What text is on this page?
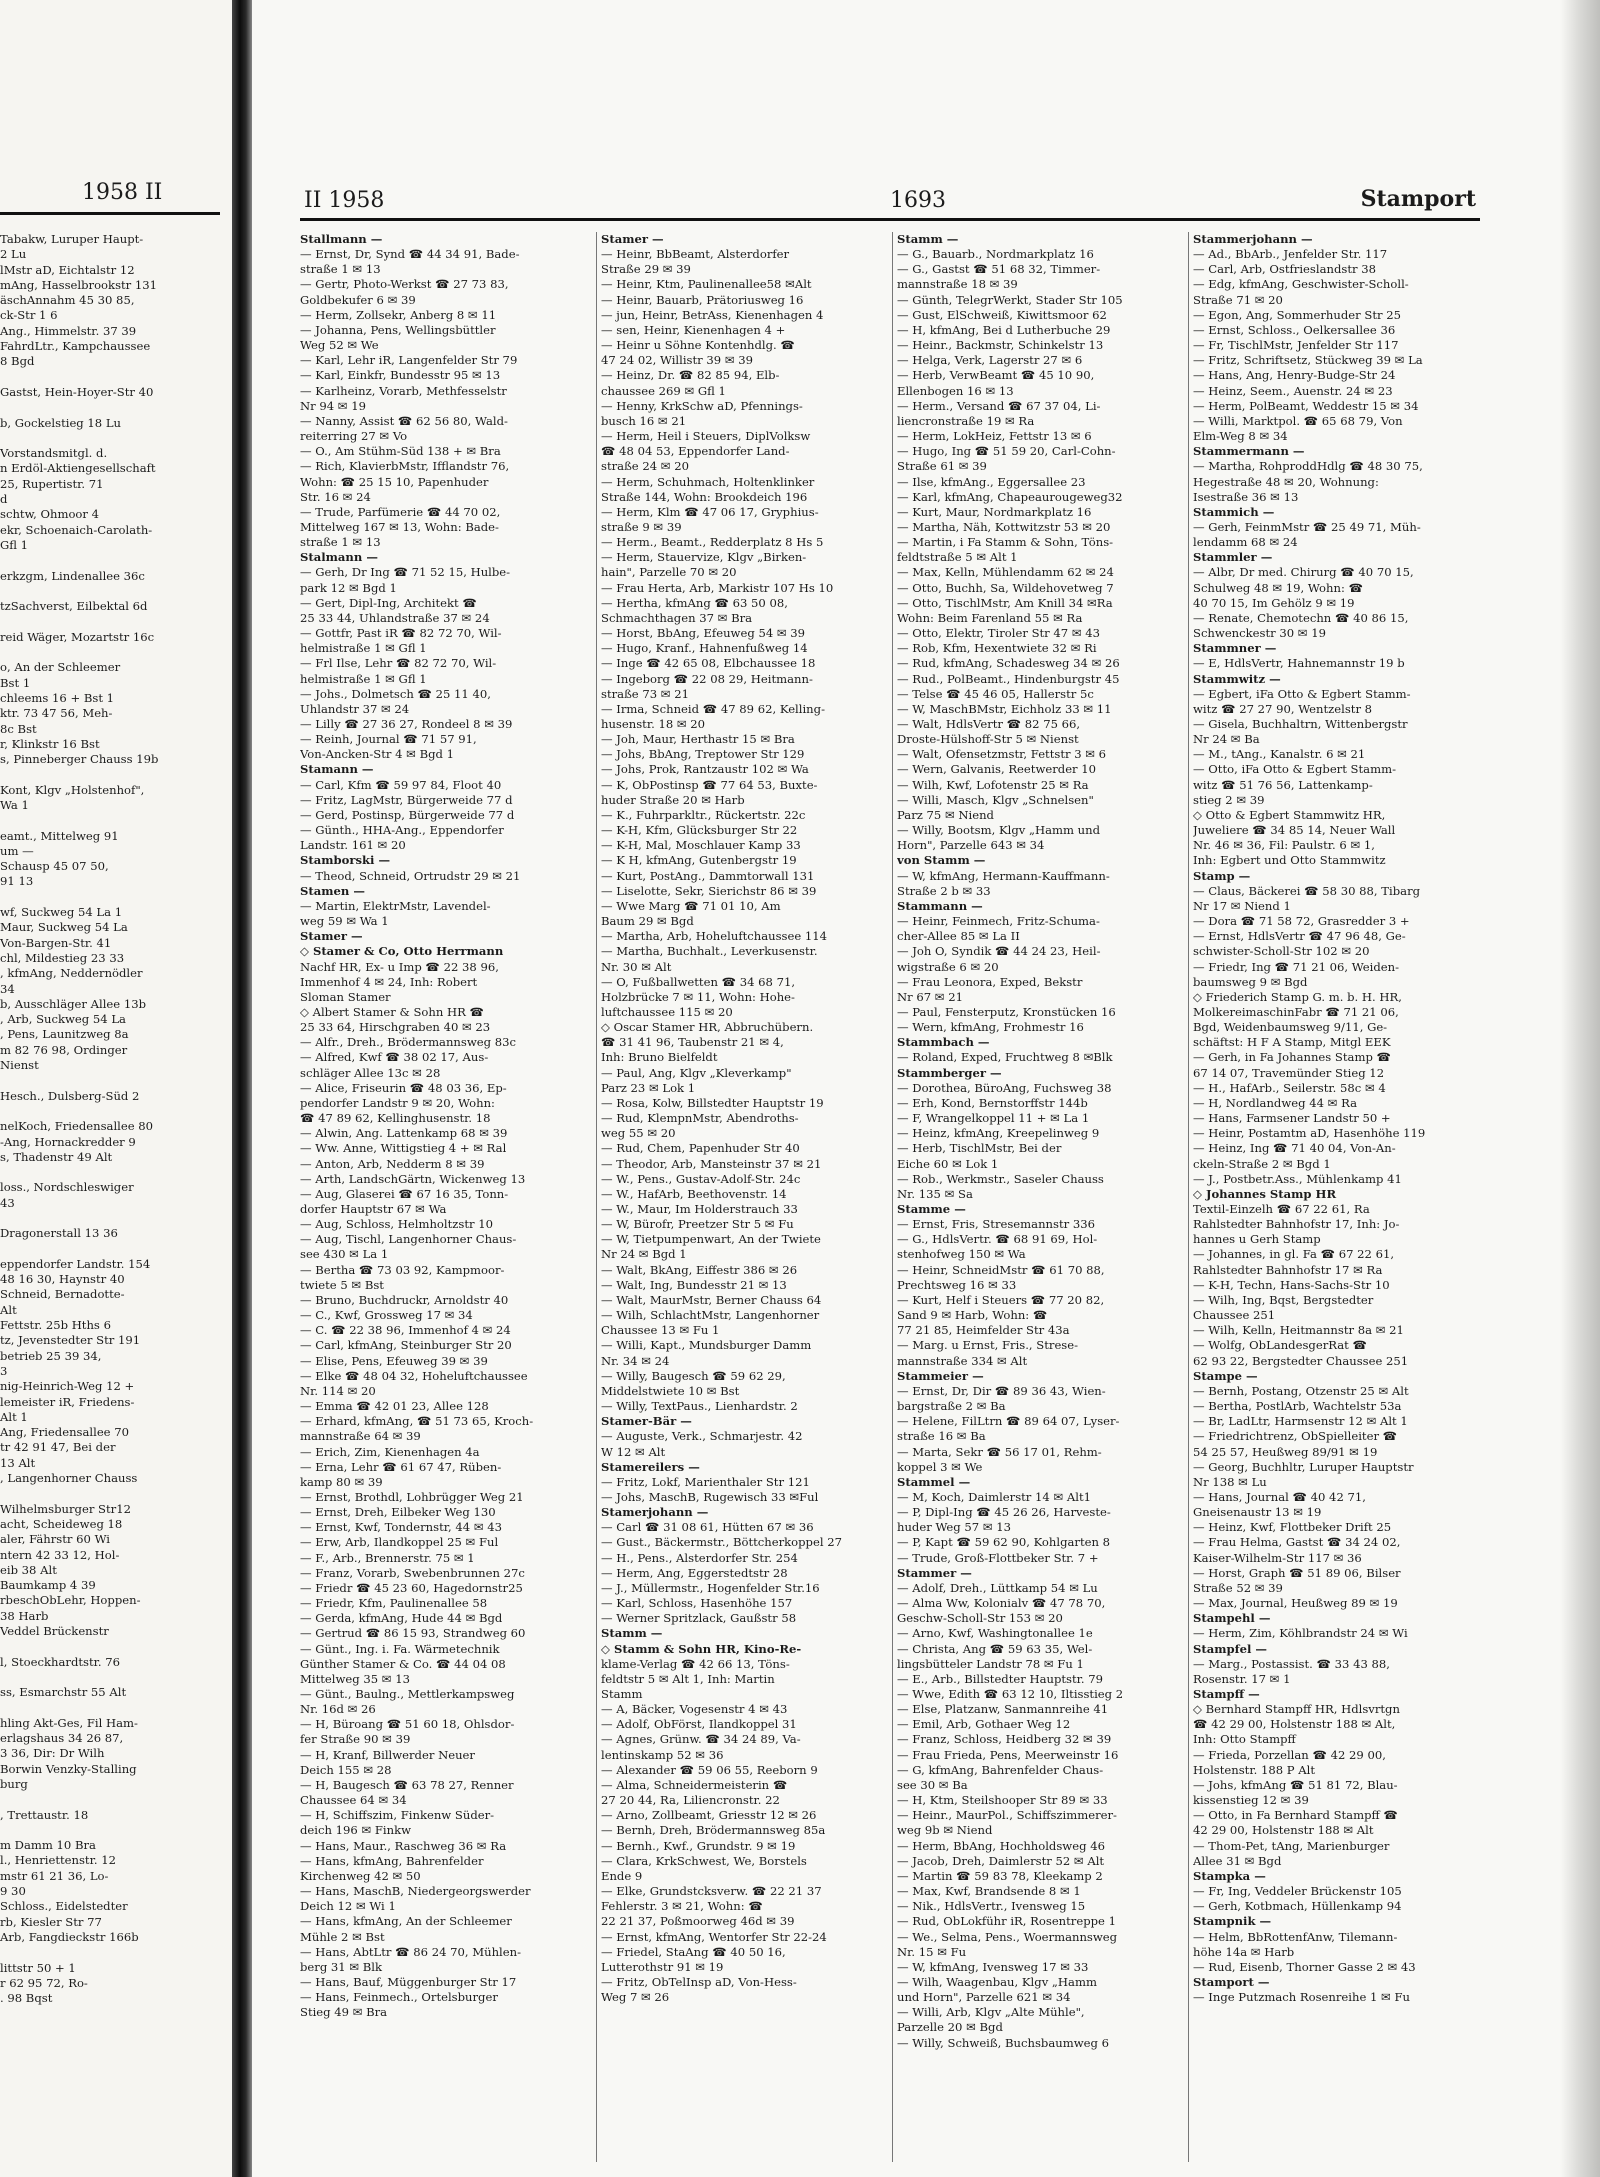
1958 II
Tabakw, Luruper Haupt-
2 Lu
lMstr aD, Eichtalstr 12
mAng, Hasselbrookstr 131
äschAnnahm 45 30 85,
ck-Str 1 6
Ang., Himmelstr. 37 39
FahrdLtr., Kampchaussee
8 Bgd
Gastst, Hein-Hoyer-Str 40
b, Gockelstieg 18 Lu
Vorstandsmitgl. d.
n Erdöl-Aktiengesellschaft
25, Rupertistr. 71
d
schtw, Ohmoor 4
ekr, Schoenaich-Carolath-
Gfl 1
erkzgm, Lindenallee 36c
tzSachverst, Eilbektal 6d
reid Wäger, Mozartstr 16c
o, An der Schleemer
Bst 1
chleems 16 + Bst 1
ktr. 73 47 56, Meh-
8c Bst
r, Klinkstr 16 Bst
s, Pinneberger Chauss 19b
Kont, Klgv „Holstenhof",
Wa 1
eamt., Mittelweg 91
um —
Schausp 45 07 50,
91 13
wf, Suckweg 54 La 1
Maur, Suckweg 54 La
Von-Bargen-Str. 41
chl, Mildestieg 23 33
, kfmAng, Neddernödler
34
b, Ausschläger Allee 13b
, Arb, Suckweg 54 La
, Pens, Launitzweg 8a
m 82 76 98, Ordinger
Nienst
Hesch., Dulsberg-Süd 2
nelKoch, Friedensallee 80
-Ang, Hornackredder 9
s, Thadenstr 49 Alt
loss., Nordschleswiger
43
Dragonerstall 13 36
eppendorfer Landstr. 154
48 16 30, Haynstr 40
Schneid, Bernadotte-
Alt
Fettstr. 25b Hths 6
tz, Jevenstedter Str 191
betrieb 25 39 34,
3
nig-Heinrich-Weg 12 +
lemeister iR, Friedens-
Alt 1
Ang, Friedensallee 70
tr 42 91 47, Bei der
13 Alt
, Langenhorner Chauss
Wilhelmsburger Str12
acht, Scheideweg 18
aler, Fährstr 60 Wi
ntern 42 33 12, Hol-
eib 38 Alt
Baumkamp 4 39
rbeschObLehr, Hoppen-
38 Harb
Veddel Brückenstr
l, Stoeckhardtstr. 76
ss, Esmarchstr 55 Alt
hling Akt-Ges, Fil Ham-
erlagshaus 34 26 87,
3 36, Dir: Dr Wilh
Borwin Venzky-Stalling
burg
, Trettaustr. 18
m Damm 10 Bra
l., Henriettenstr. 12
mstr 61 21 36, Lo-
9 30
Schloss., Eidelstedter
rb, Kiesler Str 77
Arb, Fangdieckstr 166b
littstr 50 + 1
r 62 95 72, Ro-
. 98 Bqst
II 1958	1693	Stamport
Stallmann —
— Ernst, Dr, Synd ☎ 44 34 91, Bade-
straße 1 ✉ 13
— Gertr, Photo-Werkst ☎ 27 73 83,
Goldbekufer 6 ✉ 39
— Herm, Zollsekr, Anberg 8 ✉ 11
— Johanna, Pens, Wellingsbüttler
Weg 52 ✉ We
— Karl, Lehr iR, Langenfelder Str 79
— Karl, Einkfr, Bundesstr 95 ✉ 13
— Karlheinz, Vorarb, Methfesselstr
Nr 94 ✉ 19
— Nanny, Assist ☎ 62 56 80, Wald-
reiterring 27 ✉ Vo
— O., Am Stühm-Süd 138 + ✉ Bra
— Rich, KlavierbMstr, Ifflandstr 76,
Wohn: ☎ 25 15 10, Papenhuder
Str. 16 ✉ 24
— Trude, Parfümerie ☎ 44 70 02,
Mittelweg 167 ✉ 13, Wohn: Bade-
straße 1 ✉ 13
Stalmann —
— Gerh, Dr Ing ☎ 71 52 15, Hulbe-
park 12 ✉ Bgd 1
— Gert, Dipl-Ing, Architekt ☎
25 33 44, Uhlandstraße 37 ✉ 24
— Gottfr, Past iR ☎ 82 72 70, Wil-
helmistraße 1 ✉ Gfl 1
— Frl Ilse, Lehr ☎ 82 72 70, Wil-
helmistraße 1 ✉ Gfl 1
— Johs., Dolmetsch ☎ 25 11 40,
Uhlandstr 37 ✉ 24
— Lilly ☎ 27 36 27, Rondeel 8 ✉ 39
— Reinh, Journal ☎ 71 57 91,
Von-Ancken-Str 4 ✉ Bgd 1
Stamann —
— Carl, Kfm ☎ 59 97 84, Floot 40
— Fritz, LagMstr, Bürgerweide 77 d
— Gerd, Postinsp, Bürgerweide 77 d
— Günth., HHA-Ang., Eppendorfer
Landstr. 161 ✉ 20
Stamborski —
— Theod, Schneid, Ortrudstr 29 ✉ 21
Stamen —
— Martin, ElektrMstr, Lavendel-
weg 59 ✉ Wa 1
Stamer —
◇ Stamer & Co, Otto Herrmann
Nachf HR, Ex- u Imp ☎ 22 38 96,
Immenhof 4 ✉ 24, Inh: Robert
Sloman Stamer
◇ Albert Stamer & Sohn HR ☎
25 33 64, Hirschgraben 40 ✉ 23
— Alfr., Dreh., Brödermannsweg 83c
— Alfred, Kwf ☎ 38 02 17, Aus-
schläger Allee 13c ✉ 28
— Alice, Friseurin ☎ 48 03 36, Ep-
pendorfer Landstr 9 ✉ 20, Wohn:
☎ 47 89 62, Kellinghusenstr. 18
— Alwin, Ang. Lattenkamp 68 ✉ 39
— Ww. Anne, Wittigstieg 4 + ✉ Ral
— Anton, Arb, Nedderm 8 ✉ 39
— Arth, LandschGärtn, Wickenweg 13
— Aug, Glaserei ☎ 67 16 35, Tonn-
dorfer Hauptstr 67 ✉ Wa
— Aug, Schloss, Helmholtzstr 10
— Aug, Tischl, Langenhorner Chaus-
see 430 ✉ La 1
— Bertha ☎ 73 03 92, Kampmoor-
twiete 5 ✉ Bst
— Bruno, Buchdruckr, Arnoldstr 40
— C., Kwf, Grossweg 17 ✉ 34
— C. ☎ 22 38 96, Immenhof 4 ✉ 24
— Carl, kfmAng, Steinburger Str 20
— Elise, Pens, Efeuweg 39 ✉ 39
— Elke ☎ 48 04 32, Hoheluftchaussee
Nr. 114 ✉ 20
— Emma ☎ 42 01 23, Allee 128
— Erhard, kfmAng, ☎ 51 73 65, Kroch-
mannstraße 64 ✉ 39
— Erich, Zim, Kienenhagen 4a
— Erna, Lehr ☎ 61 67 47, Rüben-
kamp 80 ✉ 39
— Ernst, Brothdl, Lohbrügger Weg 21
— Ernst, Dreh, Eilbeker Weg 130
— Ernst, Kwf, Tondernstr, 44 ✉ 43
— Erw, Arb, Ilandkoppel 25 ✉ Ful
— F., Arb., Brennerstr. 75 ✉ 1
— Franz, Vorarb, Swebenbrunnen 27c
— Friedr ☎ 45 23 60, Hagedornstr25
— Friedr, Kfm, Paulinenallee 58
— Gerda, kfmAng, Hude 44 ✉ Bgd
— Gertrud ☎ 86 15 93, Strandweg 60
— Günt., Ing. i. Fa. Wärmetechnik
Günther Stamer & Co. ☎ 44 04 08
Mittelweg 35 ✉ 13
— Günt., Baulng., Mettlerkampsweg
Nr. 16d ✉ 26
— H, Büroang ☎ 51 60 18, Ohlsdor-
fer Straße 90 ✉ 39
— H, Kranf, Billwerder Neuer
Deich 155 ✉ 28
— H, Baugesch ☎ 63 78 27, Renner
Chaussee 64 ✉ 34
— H, Schiffszim, Finkenw Süder-
deich 196 ✉ Finkw
— Hans, Maur., Raschweg 36 ✉ Ra
— Hans, kfmAng, Bahrenfelder
Kirchenweg 42 ✉ 50
— Hans, MaschB, Niedergeorgswerder
Deich 12 ✉ Wi 1
— Hans, kfmAng, An der Schleemer
Mühle 2 ✉ Bst
— Hans, AbtLtr ☎ 86 24 70, Mühlen-
berg 31 ✉ Blk
— Hans, Bauf, Müggenburger Str 17
— Hans, Feinmech., Ortelsburger
Stieg 49 ✉ Bra
Stamer —
— Heinr, BbBeamt, Alsterdorfer
Straße 29 ✉ 39
— Heinr, Ktm, Paulinenallee58 ✉Alt
— Heinr, Bauarb, Prätoriusweg 16
— jun, Heinr, BetrAss, Kienenhagen 4
— sen, Heinr, Kienenhagen 4 +
— Heinr u Söhne Kontenhdlg. ☎
47 24 02, Willistr 39 ✉ 39
— Heinz, Dr. ☎ 82 85 94, Elb-
chaussee 269 ✉ Gfl 1
— Henny, KrkSchw aD, Pfennings-
busch 16 ✉ 21
— Herm, Heil i Steuers, DiplVolksw
☎ 48 04 53, Eppendorfer Land-
straße 24 ✉ 20
— Herm, Schuhmach, Holtenklinker
Straße 144, Wohn: Brookdeich 196
— Herm, Klm ☎ 47 06 17, Gryphius-
straße 9 ✉ 39
— Herm., Beamt., Redderplatz 8 Hs 5
— Herm, Stauervize, Klgv „Birken-
hain", Parzelle 70 ✉ 20
— Frau Herta, Arb, Markistr 107 Hs 10
— Hertha, kfmAng ☎ 63 50 08,
Schmachthagen 37 ✉ Bra
— Horst, BbAng, Efeuweg 54 ✉ 39
— Hugo, Kranf., Hahnenfußweg 14
— Inge ☎ 42 65 08, Elbchaussee 18
— Ingeborg ☎ 22 08 29, Heitmann-
straße 73 ✉ 21
— Irma, Schneid ☎ 47 89 62, Kelling-
husenstr. 18 ✉ 20
— Joh, Maur, Herthastr 15 ✉ Bra
— Johs, BbAng, Treptower Str 129
— Johs, Prok, Rantzaustr 102 ✉ Wa
— K, ObPostinsp ☎ 77 64 53, Buxte-
huder Straße 20 ✉ Harb
— K., Fuhrparkltr., Rückertstr. 22c
— K-H, Kfm, Glücksburger Str 22
— K-H, Mal, Moschlauer Kamp 33
— K H, kfmAng, Gutenbergstr 19
— Kurt, PostAng., Dammtorwall 131
— Liselotte, Sekr, Sierichstr 86 ✉ 39
— Wwe Marg ☎ 71 01 10, Am
Baum 29 ✉ Bgd
— Martha, Arb, Hoheluftchaussee 114
— Martha, Buchhalt., Leverkusenstr.
Nr. 30 ✉ Alt
— O, Fußballwetten ☎ 34 68 71,
Holzbrücke 7 ✉ 11, Wohn: Hohe-
luftchaussee 115 ✉ 20
◇ Oscar Stamer HR, Abbruchübern.
☎ 31 41 96, Taubenstr 21 ✉ 4,
Inh: Bruno Bielfeldt
— Paul, Ang, Klgv „Kleverkamp"
Parz 23 ✉ Lok 1
— Rosa, Kolw, Billstedter Hauptstr 19
— Rud, KlempnMstr, Abendroths-
weg 55 ✉ 20
— Rud, Chem, Papenhuder Str 40
— Theodor, Arb, Mansteinstr 37 ✉ 21
— W., Pens., Gustav-Adolf-Str. 24c
— W., HafArb, Beethovenstr. 14
— W., Maur, Im Holderstrauch 33
— W, Bürofr, Preetzer Str 5 ✉ Fu
— W, Tietpumpenwart, An der Twiete
Nr 24 ✉ Bgd 1
— Walt, BkAng, Eiffestr 386 ✉ 26
— Walt, Ing, Bundesstr 21 ✉ 13
— Walt, MaurMstr, Berner Chauss 64
— Wilh, SchlachtMstr, Langenhorner
Chaussee 13 ✉ Fu 1
— Willi, Kapt., Mundsburger Damm
Nr. 34 ✉ 24
— Willy, Baugesch ☎ 59 62 29,
Middelstwiete 10 ✉ Bst
— Willy, TextPaus., Lienhardstr. 2
Stamer-Bär —
— Auguste, Verk., Schmarjestr. 42
W 12 ✉ Alt
Stamereilers —
— Fritz, Lokf, Marienthaler Str 121
— Johs, MaschB, Rugewisch 33 ✉Ful
Stamerjohann —
— Carl ☎ 31 08 61, Hütten 67 ✉ 36
— Gust., Bäckermstr., Böttcherkoppel 27
— H., Pens., Alsterdorfer Str. 254
— Herm, Ang, Eggerstedtstr 28
— J., Müllermstr., Hogenfelder Str.16
— Karl, Schloss, Hasenhöhe 157
— Werner Spritzlack, Gaußstr 58
Stamm —
◇ Stamm & Sohn HR, Kino-Re-
klame-Verlag ☎ 42 66 13, Töns-
feldtstr 5 ✉ Alt 1, Inh: Martin
Stamm
— A, Bäcker, Vogesenstr 4 ✉ 43
— Adolf, ObFörst, Ilandkoppel 31
— Agnes, Grünw. ☎ 34 24 89, Va-
lentinskamp 52 ✉ 36
— Alexander ☎ 59 06 55, Reeborn 9
— Alma, Schneidermeisterin ☎
27 20 44, Ra, Liliencronstr. 22
— Arno, Zollbeamt, Griesstr 12 ✉ 26
— Bernh, Dreh, Brödermannsweg 85a
— Bernh., Kwf., Grundstr. 9 ✉ 19
— Clara, KrkSchwest, We, Borstels
Ende 9
— Elke, Grundstcksverw. ☎ 22 21 37
Fehlerstr. 3 ✉ 21, Wohn: ☎
22 21 37, Poßmoorweg 46d ✉ 39
— Ernst, kfmAng, Wentorfer Str 22-24
— Friedel, StaAng ☎ 40 50 16,
Lutterothstr 91 ✉ 19
— Fritz, ObTelInsp aD, Von-Hess-
Weg 7 ✉ 26
Stamm —
— G., Bauarb., Nordmarkplatz 16
— G., Gastst ☎ 51 68 32, Timmer-
mannstraße 18 ✉ 39
— Günth, TelegrWerkt, Stader Str 105
— Gust, ElSchweiß, Kiwittsmoor 62
— H, kfmAng, Bei d Lutherbuche 29
— Heinr., Backmstr, Schinkelstr 13
— Helga, Verk, Lagerstr 27 ✉ 6
— Herb, VerwBeamt ☎ 45 10 90,
Ellenbogen 16 ✉ 13
— Herm., Versand ☎ 67 37 04, Li-
liencronstraße 19 ✉ Ra
— Herm, LokHeiz, Fettstr 13 ✉ 6
— Hugo, Ing ☎ 51 59 20, Carl-Cohn-
Straße 61 ✉ 39
— Ilse, kfmAng., Eggersallee 23
— Karl, kfmAng, Chapeaurougeweg32
— Kurt, Maur, Nordmarkplatz 16
— Martha, Näh, Kottwitzstr 53 ✉ 20
— Martin, i Fa Stamm & Sohn, Töns-
feldtstraße 5 ✉ Alt 1
— Max, Kelln, Mühlendamm 62 ✉ 24
— Otto, Buchh, Sa, Wildehovetweg 7
— Otto, TischlMstr, Am Knill 34 ✉Ra
Wohn: Beim Farenland 55 ✉ Ra
— Otto, Elektr, Tiroler Str 47 ✉ 43
— Rob, Kfm, Hexentwiete 32 ✉ Ri
— Rud, kfmAng, Schadesweg 34 ✉ 26
— Rud., PolBeamt., Hindenburgstr 45
— Telse ☎ 45 46 05, Hallerstr 5c
— W, MaschBMstr, Eichholz 33 ✉ 11
— Walt, HdlsVertr ☎ 82 75 66,
Droste-Hülshoff-Str 5 ✉ Nienst
— Walt, Ofensetzmstr, Fettstr 3 ✉ 6
— Wern, Galvanis, Reetwerder 10
— Wilh, Kwf, Lofotenstr 25 ✉ Ra
— Willi, Masch, Klgv „Schnelsen"
Parz 75 ✉ Niend
— Willy, Bootsm, Klgv „Hamm und
Horn", Parzelle 643 ✉ 34
von Stamm —
— W, kfmAng, Hermann-Kauffmann-
Straße 2 b ✉ 33
Stammann —
— Heinr, Feinmech, Fritz-Schuma-
cher-Allee 85 ✉ La II
— Joh O, Syndik ☎ 44 24 23, Heil-
wigstraße 6 ✉ 20
— Frau Leonora, Exped, Bekstr
Nr 67 ✉ 21
— Paul, Fensterputz, Kronstücken 16
— Wern, kfmAng, Frohmestr 16
Stammbach —
— Roland, Exped, Fruchtweg 8 ✉Blk
Stammberger —
— Dorothea, BüroAng, Fuchsweg 38
— Erh, Kond, Bernstorffstr 144b
— F, Wrangelkoppel 11 + ✉ La 1
— Heinz, kfmAng, Kreepelinweg 9
— Herb, TischlMstr, Bei der
Eiche 60 ✉ Lok 1
— Rob., Werkmstr., Saseler Chauss
Nr. 135 ✉ Sa
Stamme —
— Ernst, Fris, Stresemannstr 336
— G., HdlsVertr. ☎ 68 91 69, Hol-
stenhofweg 150 ✉ Wa
— Heinr, SchneidMstr ☎ 61 70 88,
Prechtsweg 16 ✉ 33
— Kurt, Helf i Steuers ☎ 77 20 82,
Sand 9 ✉ Harb, Wohn: ☎
77 21 85, Heimfelder Str 43a
— Marg. u Ernst, Fris., Strese-
mannstraße 334 ✉ Alt
Stammeier —
— Ernst, Dr, Dir ☎ 89 36 43, Wien-
bargstraße 2 ✉ Ba
— Helene, FilLtrn ☎ 89 64 07, Lyser-
straße 16 ✉ Ba
— Marta, Sekr ☎ 56 17 01, Rehm-
koppel 3 ✉ We
Stammel —
— M, Koch, Daimlerstr 14 ✉ Alt1
— P, Dipl-Ing ☎ 45 26 26, Harveste-
huder Weg 57 ✉ 13
— P, Kapt ☎ 59 62 90, Kohlgarten 8
— Trude, Groß-Flottbeker Str. 7 +
Stammer —
— Adolf, Dreh., Lüttkamp 54 ✉ Lu
— Alma Ww, Kolonialv ☎ 47 78 70,
Geschw-Scholl-Str 153 ✉ 20
— Arno, Kwf, Washingtonallee 1e
— Christa, Ang ☎ 59 63 35, Wel-
lingsbütteler Landstr 78 ✉ Fu 1
— E., Arb., Billstedter Hauptstr. 79
— Wwe, Edith ☎ 63 12 10, Iltisstieg 2
— Else, Platzanw, Sanmannreihe 41
— Emil, Arb, Gothaer Weg 12
— Franz, Schloss, Heidberg 32 ✉ 39
— Frau Frieda, Pens, Meerweinstr 16
— G, kfmAng, Bahrenfelder Chaus-
see 30 ✉ Ba
— H, Ktm, Steilshooper Str 89 ✉ 33
— Heinr., MaurPol., Schiffszimmerer-
weg 9b ✉ Niend
— Herm, BbAng, Hochholdsweg 46
— Jacob, Dreh, Daimlerstr 52 ✉ Alt
— Martin ☎ 59 83 78, Kleekamp 2
— Max, Kwf, Brandsende 8 ✉ 1
— Nik., HdlsVertr., Ivensweg 15
— Rud, ObLokführ iR, Rosentreppe 1
— We., Selma, Pens., Woermannsweg
Nr. 15 ✉ Fu
— W, kfmAng, Ivensweg 17 ✉ 33
— Wilh, Waagenbau, Klgv „Hamm
und Horn", Parzelle 621 ✉ 34
— Willi, Arb, Klgv „Alte Mühle",
Parzelle 20 ✉ Bgd
— Willy, Schweiß, Buchsbaumweg 6
Stammerjohann —
— Ad., BbArb., Jenfelder Str. 117
— Carl, Arb, Ostfrieslandstr 38
— Edg, kfmAng, Geschwister-Scholl-
Straße 71 ✉ 20
— Egon, Ang, Sommerhuder Str 25
— Ernst, Schloss., Oelkersallee 36
— Fr, TischlMstr, Jenfelder Str 117
— Fritz, Schriftsetz, Stückweg 39 ✉ La
— Hans, Ang, Henry-Budge-Str 24
— Heinz, Seem., Auenstr. 24 ✉ 23
— Herm, PolBeamt, Weddestr 15 ✉ 34
— Willi, Marktpol. ☎ 65 68 79, Von
Elm-Weg 8 ✉ 34
Stammermann —
— Martha, RohproddHdlg ☎ 48 30 75,
Hegestraße 48 ✉ 20, Wohnung:
Isestraße 36 ✉ 13
Stammich —
— Gerh, FeinmMstr ☎ 25 49 71, Müh-
lendamm 68 ✉ 24
Stammler —
— Albr, Dr med. Chirurg ☎ 40 70 15,
Schulweg 48 ✉ 19, Wohn: ☎
40 70 15, Im Gehölz 9 ✉ 19
— Renate, Chemotechn ☎ 40 86 15,
Schwenckestr 30 ✉ 19
Stammner —
— E, HdlsVertr, Hahnemannstr 19 b
Stammwitz —
— Egbert, iFa Otto & Egbert Stamm-
witz ☎ 27 27 90, Wentzelstr 8
— Gisela, Buchhaltrn, Wittenbergstr
Nr 24 ✉ Ba
— M., tAng., Kanalstr. 6 ✉ 21
— Otto, iFa Otto & Egbert Stamm-
witz ☎ 51 76 56, Lattenkamp-
stieg 2 ✉ 39
◇ Otto & Egbert Stammwitz HR,
Juweliere ☎ 34 85 14, Neuer Wall
Nr. 46 ✉ 36, Fil: Paulstr. 6 ✉ 1,
Inh: Egbert und Otto Stammwitz
Stamp —
— Claus, Bäckerei ☎ 58 30 88, Tibarg
Nr 17 ✉ Niend 1
— Dora ☎ 71 58 72, Grasredder 3 +
— Ernst, HdlsVertr ☎ 47 96 48, Ge-
schwister-Scholl-Str 102 ✉ 20
— Friedr, Ing ☎ 71 21 06, Weiden-
baumsweg 9 ✉ Bgd
◇ Friederich Stamp G. m. b. H. HR,
MolkereimaschinFabr ☎ 71 21 06,
Bgd, Weidenbaumsweg 9/11, Ge-
schäftst: H F A Stamp, Mitgl EEK
— Gerh, in Fa Johannes Stamp ☎
67 14 07, Travemünder Stieg 12
— H., HafArb., Seilerstr. 58c ✉ 4
— H, Nordlandweg 44 ✉ Ra
— Hans, Farmsener Landstr 50 +
— Heinr, Postamtm aD, Hasenhöhe 119
— Heinz, Ing ☎ 71 40 04, Von-An-
ckeln-Straße 2 ✉ Bgd 1
— J., Postbetr.Ass., Mühlenkamp 41
◇ Johannes Stamp HR
Textil-Einzelh ☎ 67 22 61, Ra
Rahlstedter Bahnhofstr 17, Inh: Jo-
hannes u Gerh Stamp
— Johannes, in gl. Fa ☎ 67 22 61,
Rahlstedter Bahnhofstr 17 ✉ Ra
— K-H, Techn, Hans-Sachs-Str 10
— Wilh, Ing, Bqst, Bergstedter
Chaussee 251
— Wilh, Kelln, Heitmannstr 8a ✉ 21
— Wolfg, ObLandesgerRat ☎
62 93 22, Bergstedter Chaussee 251
Stampe —
— Bernh, Postang, Otzenstr 25 ✉ Alt
— Bertha, PostlArb, Wachtelstr 53a
— Br, LadLtr, Harmsenstr 12 ✉ Alt 1
— Friedrichtrenz, ObSpielleiter ☎
54 25 57, Heußweg 89/91 ✉ 19
— Georg, Buchhltr, Luruper Hauptstr
Nr 138 ✉ Lu
— Hans, Journal ☎ 40 42 71,
Gneisenaustr 13 ✉ 19
— Heinz, Kwf, Flottbeker Drift 25
— Frau Helma, Gastst ☎ 34 24 02,
Kaiser-Wilhelm-Str 117 ✉ 36
— Horst, Graph ☎ 51 89 06, Bilser
Straße 52 ✉ 39
— Max, Journal, Heußweg 89 ✉ 19
Stampehl —
— Herm, Zim, Köhlbrandstr 24 ✉ Wi
Stampfel —
— Marg., Postassist. ☎ 33 43 88,
Rosenstr. 17 ✉ 1
Stampff —
◇ Bernhard Stampff HR, Hdlsvrtgn
☎ 42 29 00, Holstenstr 188 ✉ Alt,
Inh: Otto Stampff
— Frieda, Porzellan ☎ 42 29 00,
Holstenstr. 188 P Alt
— Johs, kfmAng ☎ 51 81 72, Blau-
kissenstieg 12 ✉ 39
— Otto, in Fa Bernhard Stampff ☎
42 29 00, Holstenstr 188 ✉ Alt
— Thom-Pet, tAng, Marienburger
Allee 31 ✉ Bgd
Stampka —
— Fr, Ing, Veddeler Brückenstr 105
— Gerh, Kotbmach, Hüllenkamp 94
Stampnik —
— Helm, BbRottenfAnw, Tilemann-
höhe 14a ✉ Harb
— Rud, Eisenb, Thorner Gasse 2 ✉ 43
Stamport —
— Inge Putzmach Rosenreihe 1 ✉ Fu
